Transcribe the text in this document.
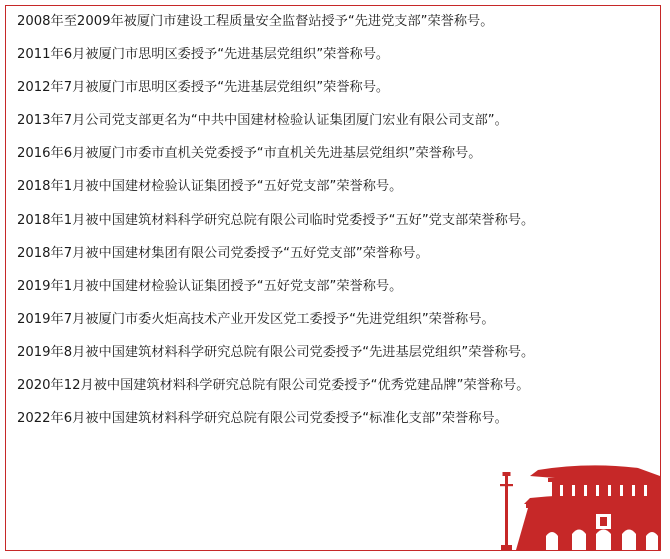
2008年至2009年被厦门市建设工程质量安全监督站授予“先进党支部”荣誉称号。
2011年6月被厦门市思明区委授予“先进基层党组织”荣誉称号。
2012年7月被厦门市思明区委授予“先进基层党组织”荣誉称号。
2013年7月公司党支部更名为“中共中国建材检验认证集团厦门宏业有限公司支部”。
2016年6月被厦门市委市直机关党委授予“市直机关先进基层党组织”荣誉称号。
2018年1月被中国建材检验认证集团授予“五好党支部”荣誉称号。
2018年1月被中国建筑材料科学研究总院有限公司临时党委授予“五好”党支部荣誉称号。
2018年7月被中国建材集团有限公司党委授予“五好党支部”荣誉称号。
2019年1月被中国建材检验认证集团授予“五好党支部”荣誉称号。
2019年7月被厦门市委火炬高技术产业开发区党工委授予“先进党组织”荣誉称号。
2019年8月被中国建筑材料科学研究总院有限公司党委授予“先进基层党组织”荣誉称号。
2020年12月被中国建筑材料科学研究总院有限公司党委授予“优秀党建品牌”荣誉称号。
2022年6月被中国建筑材料科学研究总院有限公司党委授予“标准化支部”荣誉称号。
